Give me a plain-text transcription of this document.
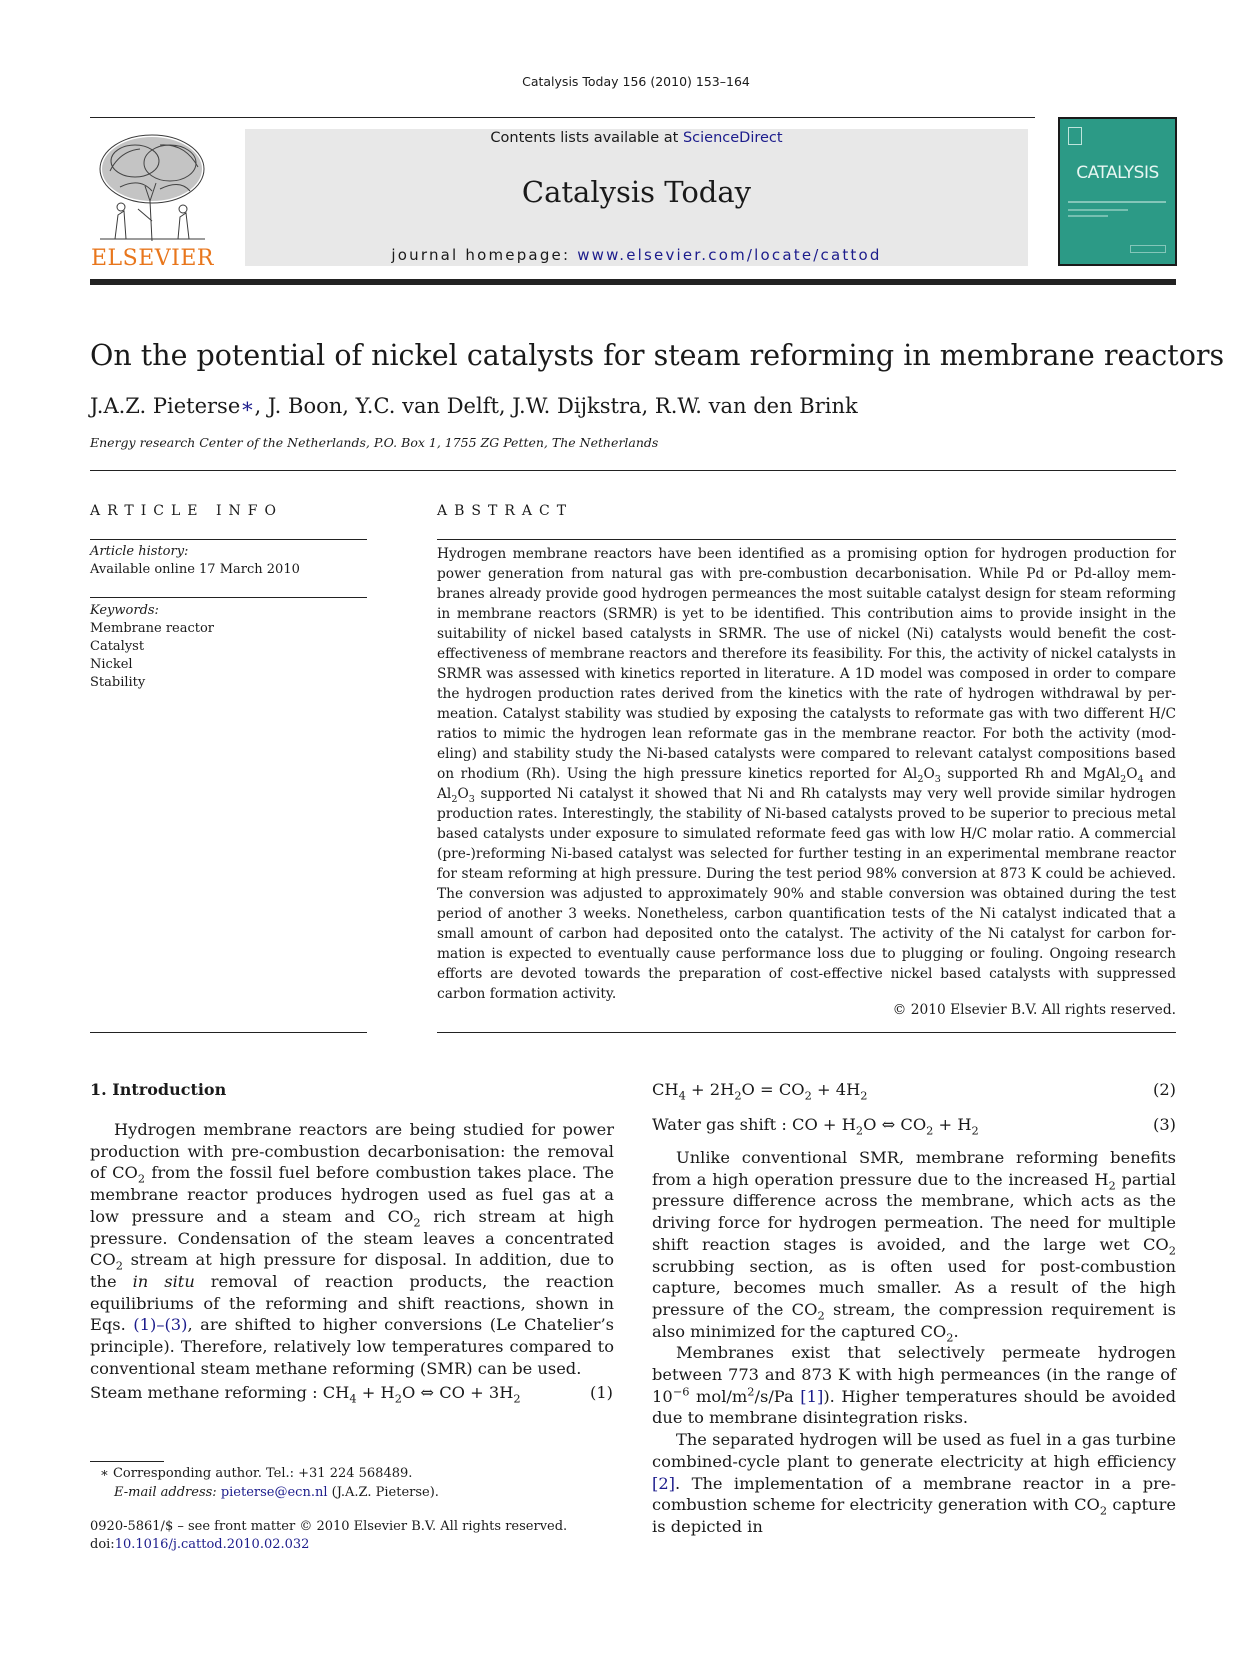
Catalysis Today 156 (2010) 153–164
ELSEVIER
Contents lists available at ScienceDirect
Catalysis Today
journal homepage: www.elsevier.com/locate/cattod
CATALYSIS
On the potential of nickel catalysts for steam reforming in membrane reactors
J.A.Z. Pieterse∗, J. Boon, Y.C. van Delft, J.W. Dijkstra, R.W. van den Brink
Energy research Center of the Netherlands, P.O. Box 1, 1755 ZG Petten, The Netherlands
ARTICLE INFO
Article history:
Available online 17 March 2010
Keywords:
Membrane reactor
Catalyst
Nickel
Stability
ABSTRACT
Hydrogen membrane reactors have been identified as a promising option for hydrogen production for power generation from natural gas with pre-combustion decarbonisation. While Pd or Pd-alloy membranes already provide good hydrogen permeances the most suitable catalyst design for steam reforming in membrane reactors (SRMR) is yet to be identified. This contribution aims to provide insight in the suitability of nickel based catalysts in SRMR. The use of nickel (Ni) catalysts would benefit the cost-effectiveness of membrane reactors and therefore its feasibility. For this, the activity of nickel catalysts in SRMR was assessed with kinetics reported in literature. A 1D model was composed in order to compare the hydrogen production rates derived from the kinetics with the rate of hydrogen withdrawal by permeation. Catalyst stability was studied by exposing the catalysts to reformate gas with two different H/C ratios to mimic the hydrogen lean reformate gas in the membrane reactor. For both the activity (modeling) and stability study the Ni-based catalysts were compared to relevant catalyst compositions based on rhodium (Rh). Using the high pressure kinetics reported for $Al_2O_3$ supported Rh and $MgAl_2O_4$ and $Al_2O_3$ supported Ni catalyst it showed that Ni and Rh catalysts may very well provide similar hydrogen production rates. Interestingly, the stability of Ni-based catalysts proved to be superior to precious metal based catalysts under exposure to simulated reformate feed gas with low H/C molar ratio. A commercial (pre-)reforming Ni-based catalyst was selected for further testing in an experimental membrane reactor for steam reforming at high pressure. During the test period 98% conversion at 873 K could be achieved. The conversion was adjusted to approximately 90% and stable conversion was obtained during the test period of another 3 weeks. Nonetheless, carbon quantification tests of the Ni catalyst indicated that a small amount of carbon had deposited onto the catalyst. The activity of the Ni catalyst for carbon formation is expected to eventually cause performance loss due to plugging or fouling. Ongoing research efforts are devoted towards the preparation of cost-effective nickel based catalysts with suppressed carbon formation activity.
© 2010 Elsevier B.V. All rights reserved.
1. Introduction
Hydrogen membrane reactors are being studied for power production with pre-combustion decarbonisation: the removal of $CO_2$ from the fossil fuel before combustion takes place. The membrane reactor produces hydrogen used as fuel gas at a low pressure and a steam and $CO_2$ rich stream at high pressure. Condensation of the steam leaves a concentrated $CO_2$ stream at high pressure for disposal. In addition, due to the in situ removal of reaction products, the reaction equilibriums of the reforming and shift reactions, shown in Eqs. (1)–(3), are shifted to higher conversions (Le Chatelier’s principle). Therefore, relatively low temperatures compared to conventional steam methane reforming (SMR) can be used.
Steam methane reforming : $CH_4 + H_2O$ ⇔ CO + $3H_2$	(1)
$CH_4 + 2H_2O = CO_2 + 4H_2$	(2)
Water gas shift : CO + $H_2O$ ⇔ $CO_2 + H_2$	(3)

Unlike conventional SMR, membrane reforming benefits from a high operation pressure due to the increased $H_2$ partial pressure difference across the membrane, which acts as the driving force for hydrogen permeation. The need for multiple shift reaction stages is avoided, and the large wet $CO_2$ scrubbing section, as is often used for post-combustion capture, becomes much smaller. As a result of the high pressure of the $CO_2$ stream, the compression requirement is also minimized for the captured $CO_2$.

Membranes exist that selectively permeate hydrogen between 773 and 873 K with high permeances (in the range of $10^{-6}$ mol/$m^2/s/Pa$ [1]). Higher temperatures should be avoided due to membrane disintegration risks.

The separated hydrogen will be used as fuel in a gas turbine combined-cycle plant to generate electricity at high efficiency [2]. The implementation of a membrane reactor in a pre-combustion scheme for electricity generation with $CO_2$ capture is depicted in

∗ Corresponding author. Tel.: +31 224 568489.
E-mail address: pieterse@ecn.nl (J.A.Z. Pieterse).
0920-5861/$ – see front matter © 2010 Elsevier B.V. All rights reserved.
doi:10.1016/j.cattod.2010.02.032
